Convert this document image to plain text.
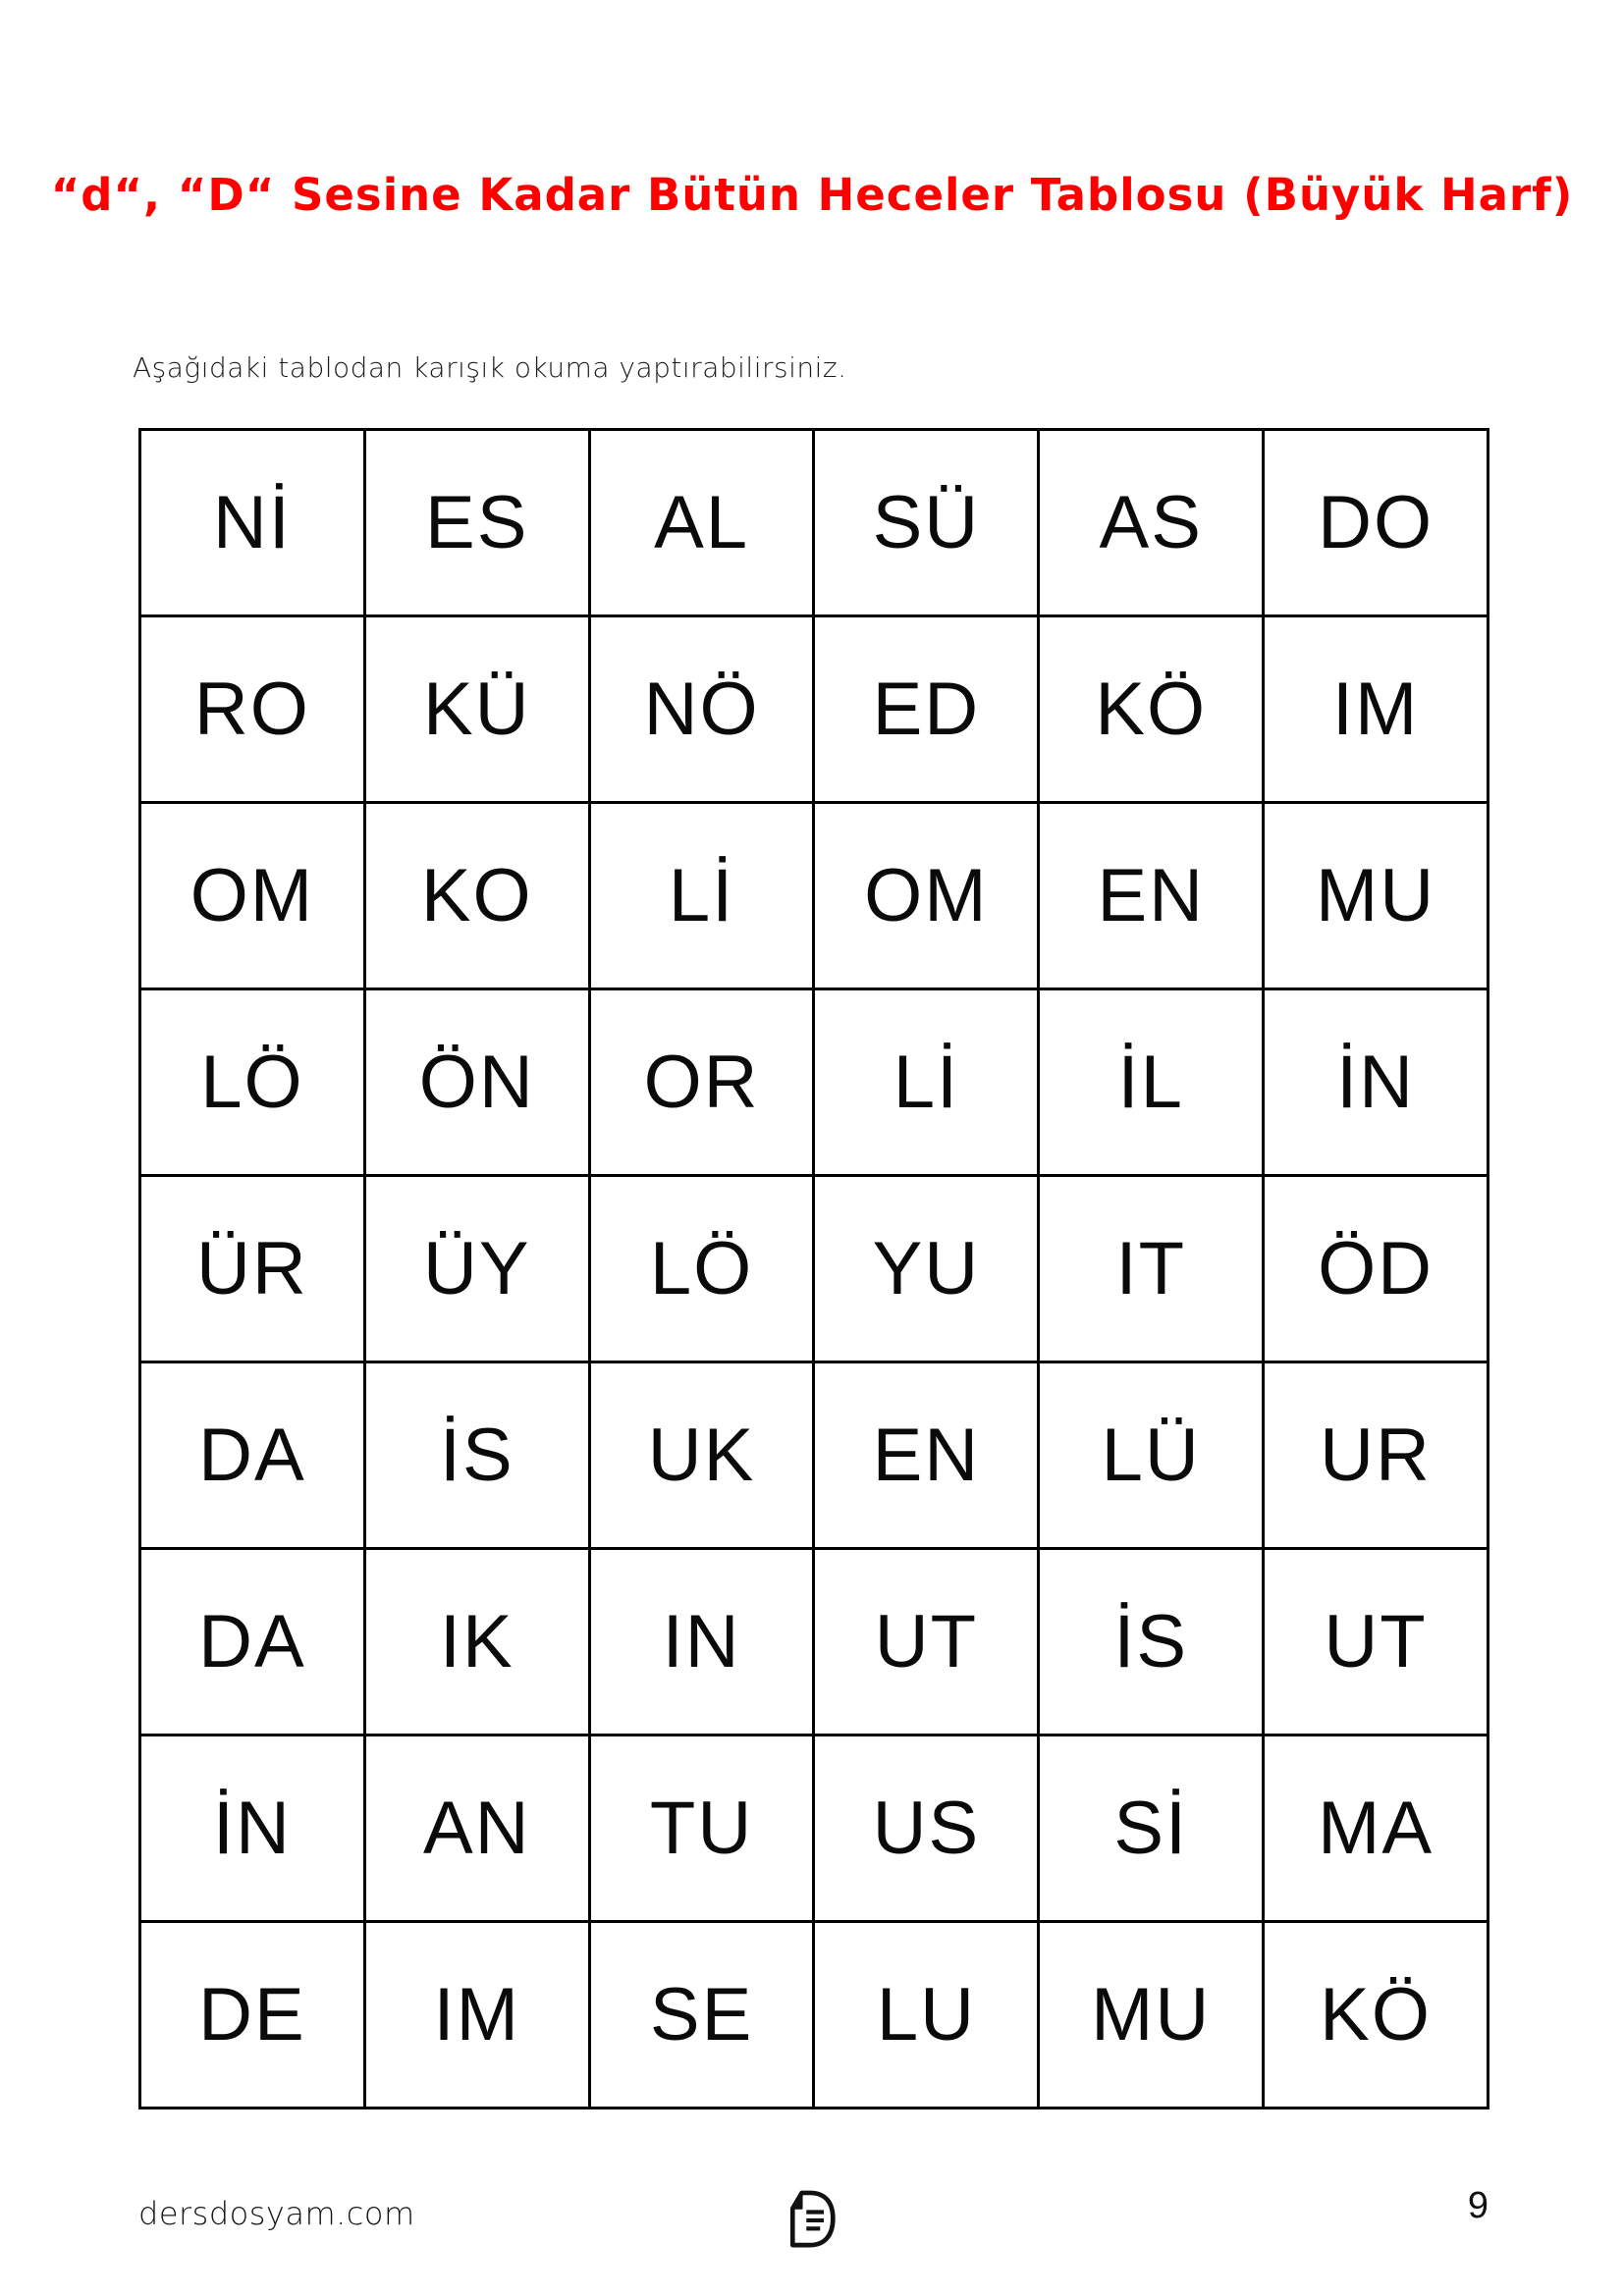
“d“, “D“ Sesine Kadar Bütün Heceler Tablosu (Büyük Harf)
Aşağıdaki tablodan karışık okuma yaptırabilirsiniz.
Nİ	ES	AL	SÜ	AS	DO
RO	KÜ	NÖ	ED	KÖ	IM
OM	KO	Lİ	OM	EN	MU
LÖ	ÖN	OR	Lİ	İL	İN
ÜR	ÜY	LÖ	YU	IT	ÖD
DA	İS	UK	EN	LÜ	UR
DA	IK	IN	UT	İS	UT
İN	AN	TU	US	Sİ	MA
DE	IM	SE	LU	MU	KÖ
dersdosyam.com	9
